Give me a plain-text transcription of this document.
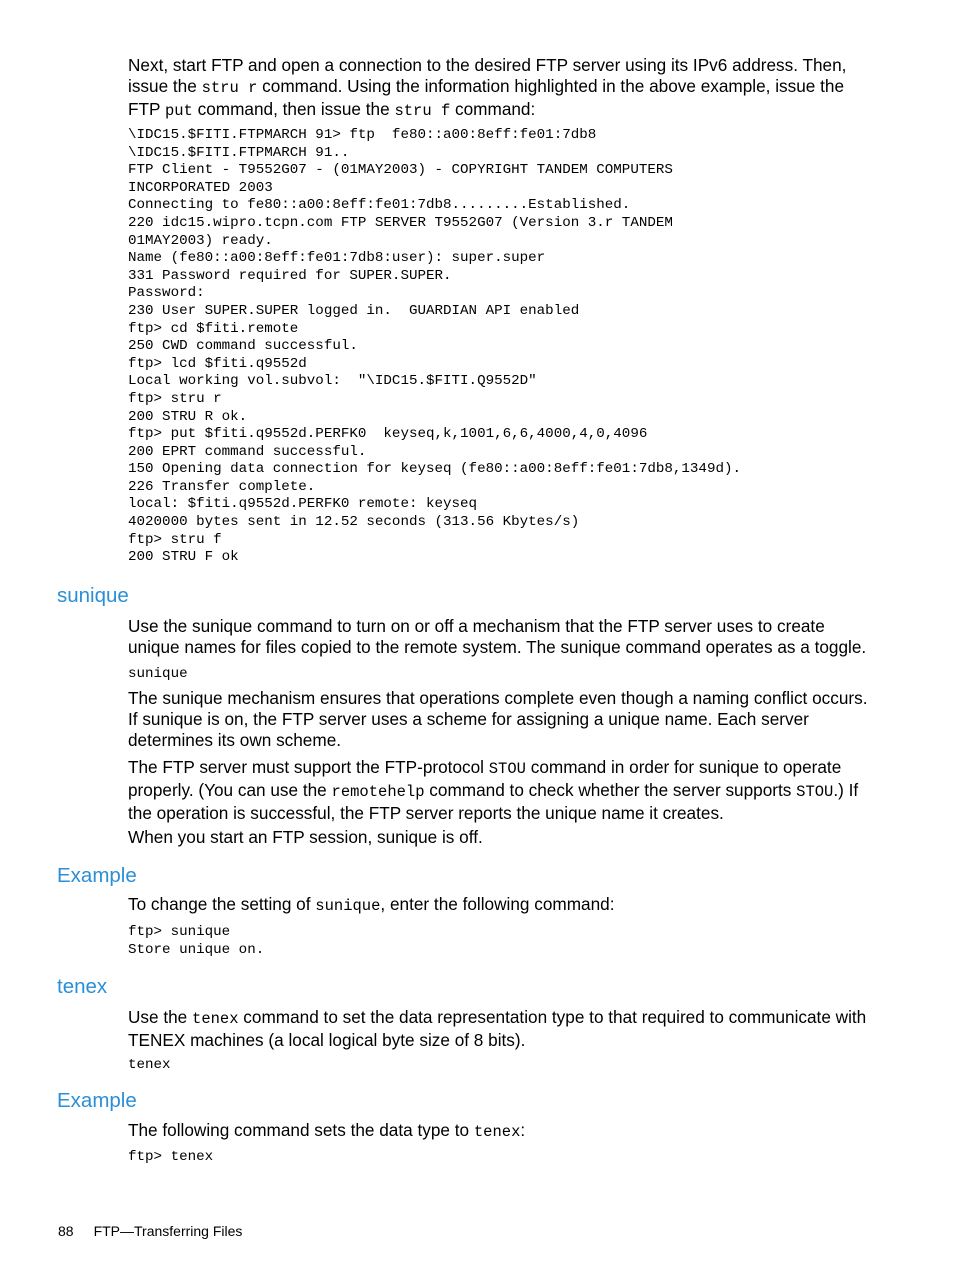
Next, start FTP and open a connection to the desired FTP server using its IPv6 address. Then, issue the stru r command. Using the information highlighted in the above example, issue the FTP put command, then issue the stru f command:

\IDC15.$FITI.FTPMARCH 91> ftp  fe80::a00:8eff:fe01:7db8
\IDC15.$FITI.FTPMARCH 91..
FTP Client - T9552G07 - (01MAY2003) - COPYRIGHT TANDEM COMPUTERS
INCORPORATED 2003
Connecting to fe80::a00:8eff:fe01:7db8.........Established.
220 idc15.wipro.tcpn.com FTP SERVER T9552G07 (Version 3.r TANDEM
01MAY2003) ready.
Name (fe80::a00:8eff:fe01:7db8:user): super.super
331 Password required for SUPER.SUPER.
Password:
230 User SUPER.SUPER logged in.  GUARDIAN API enabled
ftp> cd $fiti.remote
250 CWD command successful.
ftp> lcd $fiti.q9552d
Local working vol.subvol:  "\IDC15.$FITI.Q9552D"
ftp> stru r
200 STRU R ok.
ftp> put $fiti.q9552d.PERFK0  keyseq,k,1001,6,6,4000,4,0,4096
200 EPRT command successful.
150 Opening data connection for keyseq (fe80::a00:8eff:fe01:7db8,1349d).
226 Transfer complete.
local: $fiti.q9552d.PERFK0 remote: keyseq
4020000 bytes sent in 12.52 seconds (313.56 Kbytes/s)
ftp> stru f
200 STRU F ok
sunique

Use the sunique command to turn on or off a mechanism that the FTP server uses to create unique names for files copied to the remote system. The sunique command operates as a toggle.

sunique

The sunique mechanism ensures that operations complete even though a naming conflict occurs. If sunique is on, the FTP server uses a scheme for assigning a unique name. Each server determines its own scheme.

The FTP server must support the FTP-protocol STOU command in order for sunique to operate properly. (You can use the remotehelp command to check whether the server supports STOU.) If the operation is successful, the FTP server reports the unique name it creates.

When you start an FTP session, sunique is off.

Example

To change the setting of sunique, enter the following command:

ftp> sunique
Store unique on.
tenex

Use the tenex command to set the data representation type to that required to communicate with TENEX machines (a local logical byte size of 8 bits).

tenex
Example

The following command sets the data type to tenex:

ftp> tenex
88 FTP—Transferring Files
